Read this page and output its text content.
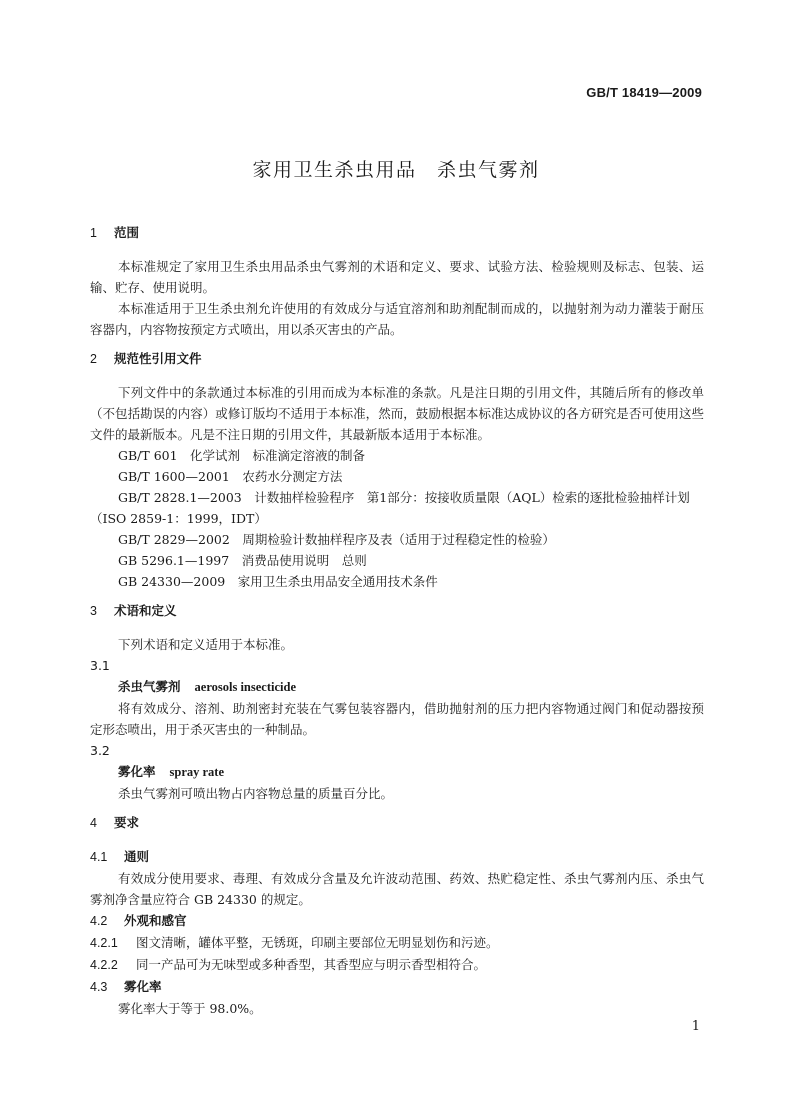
GB/T 18419—2009
家用卫生杀虫用品　杀虫气雾剂
1 范围

本标准规定了家用卫生杀虫用品杀虫气雾剂的术语和定义、要求、试验方法、检验规则及标志、包装、运输、贮存、使用说明。

本标准适用于卫生杀虫剂允许使用的有效成分与适宜溶剂和助剂配制而成的，以抛射剂为动力灌装于耐压容器内，内容物按预定方式喷出，用以杀灭害虫的产品。

2 规范性引用文件

下列文件中的条款通过本标准的引用而成为本标准的条款。凡是注日期的引用文件，其随后所有的修改单（不包括勘误的内容）或修订版均不适用于本标准，然而，鼓励根据本标准达成协议的各方研究是否可使用这些文件的最新版本。凡是不注日期的引用文件，其最新版本适用于本标准。

GB/T 601　化学试剂　标准滴定溶液的制备

GB/T 1600—2001　农药水分测定方法

GB/T 2828.1—2003　计数抽样检验程序　第1部分：按接收质量限（AQL）检索的逐批检验抽样计划（ISO 2859-1：1999，IDT）

GB/T 2829—2002　周期检验计数抽样程序及表（适用于过程稳定性的检验）

GB 5296.1—1997　消费品使用说明　总则

GB 24330—2009　家用卫生杀虫用品安全通用技术条件

3 术语和定义

下列术语和定义适用于本标准。

3.1
杀虫气雾剂 aerosols insecticide

将有效成分、溶剂、助剂密封充装在气雾包装容器内，借助抛射剂的压力把内容物通过阀门和促动器按预定形态喷出，用于杀灭害虫的一种制品。

3.2
雾化率 spray rate

杀虫气雾剂可喷出物占内容物总量的质量百分比。

4 要求
4.1 通则

有效成分使用要求、毒理、有效成分含量及允许波动范围、药效、热贮稳定性、杀虫气雾剂内压、杀虫气雾剂净含量应符合 GB 24330 的规定。

4.2 外观和感官

4.2.1 图文清晰，罐体平整，无锈斑，印刷主要部位无明显划伤和污迹。

4.2.2 同一产品可为无味型或多种香型，其香型应与明示香型相符合。

4.3 雾化率

雾化率大于等于 98.0%。

1
